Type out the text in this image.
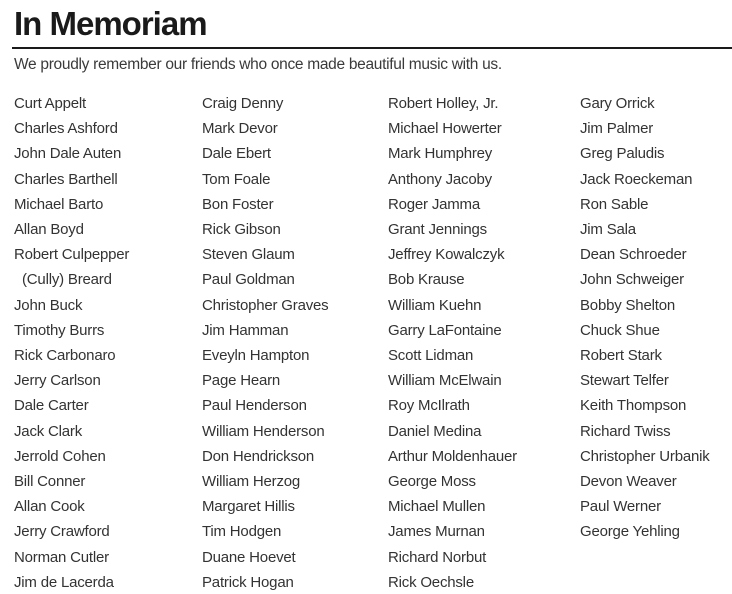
In Memoriam

We proudly remember our friends who once made beautiful music with us.

Curt Appelt
Charles Ashford
John Dale Auten
Charles Barthell
Michael Barto
Allan Boyd
Robert Culpepper
(Cully) Breard
John Buck
Timothy Burrs
Rick Carbonaro
Jerry Carlson
Dale Carter
Jack Clark
Jerrold Cohen
Bill Conner
Allan Cook
Jerry Crawford
Norman Cutler
Jim de Lacerda
Craig Denny
Mark Devor
Dale Ebert
Tom Foale
Bon Foster
Rick Gibson
Steven Glaum
Paul Goldman
Christopher Graves
Jim Hamman
Eveyln Hampton
Page Hearn
Paul Henderson
William Henderson
Don Hendrickson
William Herzog
Margaret Hillis
Tim Hodgen
Duane Hoevet
Patrick Hogan
Robert Holley, Jr.
Michael Howerter
Mark Humphrey
Anthony Jacoby
Roger Jamma
Grant Jennings
Jeffrey Kowalczyk
Bob Krause
William Kuehn
Garry LaFontaine
Scott Lidman
William McElwain
Roy McIlrath
Daniel Medina
Arthur Moldenhauer
George Moss
Michael Mullen
James Murnan
Richard Norbut
Rick Oechsle
Gary Orrick
Jim Palmer
Greg Paludis
Jack Roeckeman
Ron Sable
Jim Sala
Dean Schroeder
John Schweiger
Bobby Shelton
Chuck Shue
Robert Stark
Stewart Telfer
Keith Thompson
Richard Twiss
Christopher Urbanik
Devon Weaver
Paul Werner
George Yehling
